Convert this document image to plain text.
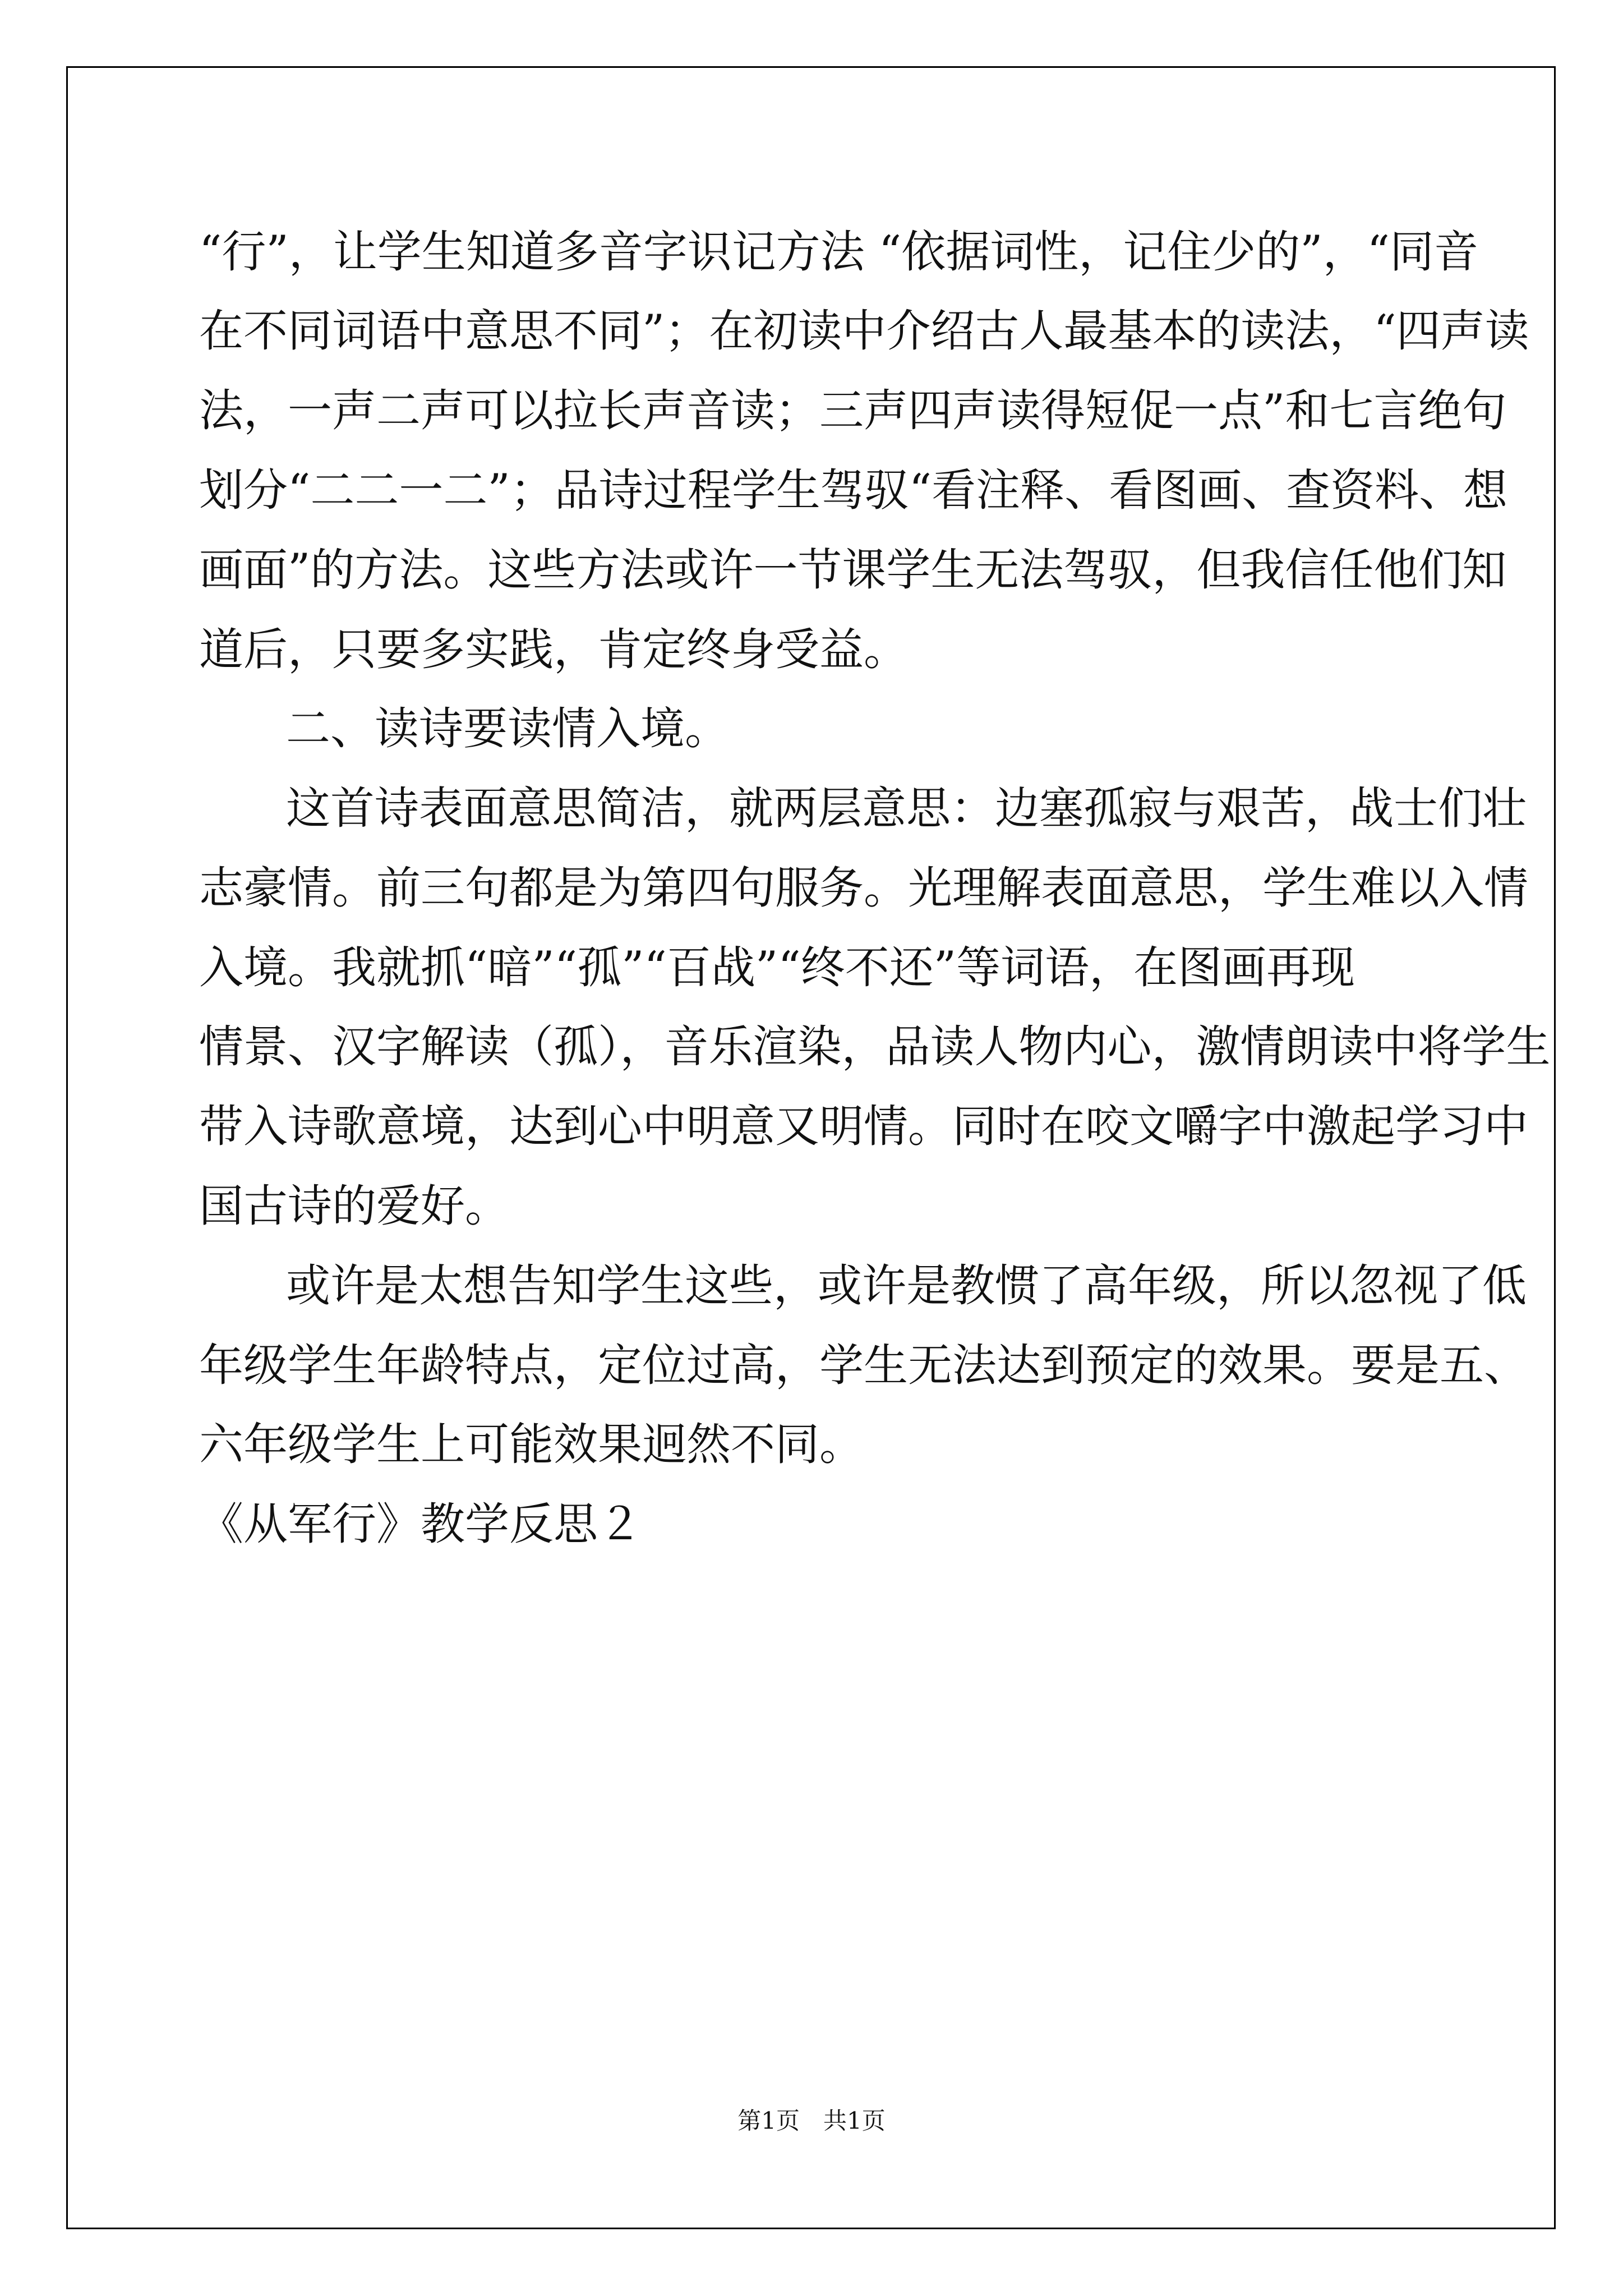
“行”，让学生知道多音字识记方法 “依据词性，记住少的”，“同音

在不同词语中意思不同”；在初读中介绍古人最基本的读法，“四声读

法，一声二声可以拉长声音读；三声四声读得短促一点”和七言绝句

划分“二二一二”；品诗过程学生驾驭“看注释、看图画、查资料、想

画面”的方法。这些方法或许一节课学生无法驾驭，但我信任他们知

道后，只要多实践，肯定终身受益。

二、读诗要读情入境。

这首诗表面意思简洁，就两层意思：边塞孤寂与艰苦，战士们壮

志豪情。前三句都是为第四句服务。光理解表面意思，学生难以入情

入境。我就抓“暗”“孤”“百战”“终不还”等词语，在图画再现

情景、汉字解读（孤），音乐渲染，品读人物内心，激情朗读中将学生

带入诗歌意境，达到心中明意又明情。同时在咬文嚼字中激起学习中

国古诗的爱好。

或许是太想告知学生这些，或许是教惯了高年级，所以忽视了低

年级学生年龄特点，定位过高，学生无法达到预定的效果。要是五、

六年级学生上可能效果迥然不同。

《从军行》教学反思２

第1页　共1页
